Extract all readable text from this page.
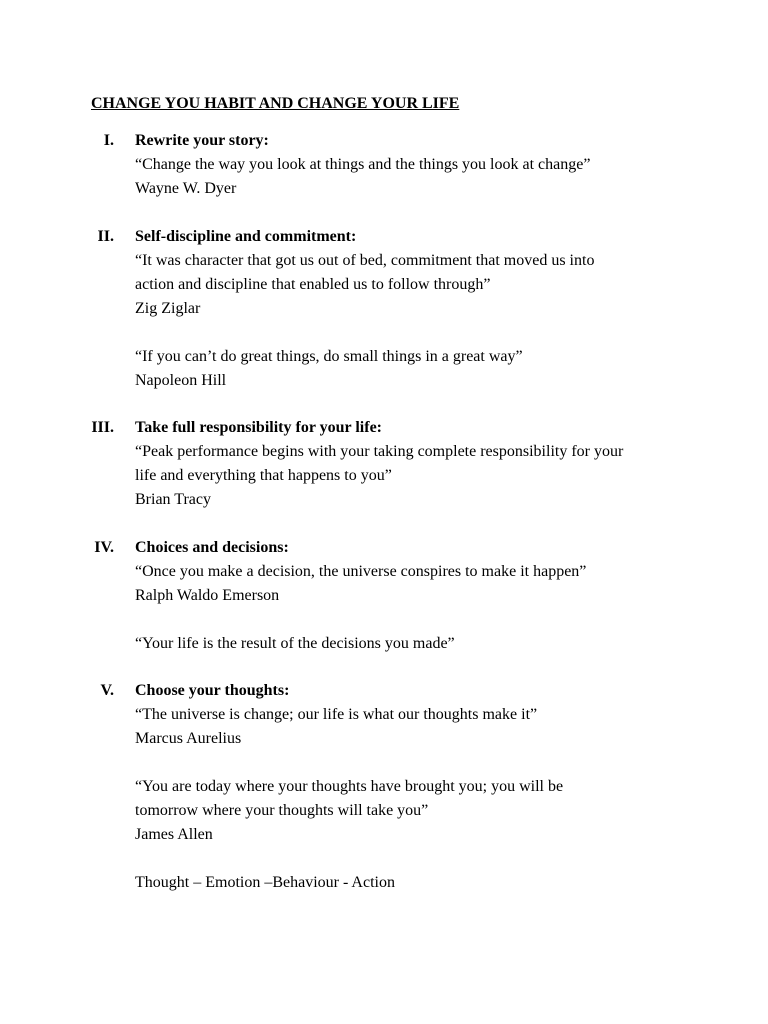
CHANGE YOU HABIT AND CHANGE YOUR LIFE
I. Rewrite your story:
“Change the way you look at things and the things you look at change”
Wayne W. Dyer
II. Self-discipline and commitment:
“It was character that got us out of bed, commitment that moved us into
action and discipline that enabled us to follow through”
Zig Ziglar
“If you can’t do great things, do small things in a great way”
Napoleon Hill
III. Take full responsibility for your life:
“Peak performance begins with your taking complete responsibility for your
life and everything that happens to you”
Brian Tracy
IV. Choices and decisions:
“Once you make a decision, the universe conspires to make it happen”
Ralph Waldo Emerson
“Your life is the result of the decisions you made”
V. Choose your thoughts:
“The universe is change; our life is what our thoughts make it”
Marcus Aurelius
“You are today where your thoughts have brought you; you will be
tomorrow where your thoughts will take you”
James Allen
Thought – Emotion –Behaviour - Action
